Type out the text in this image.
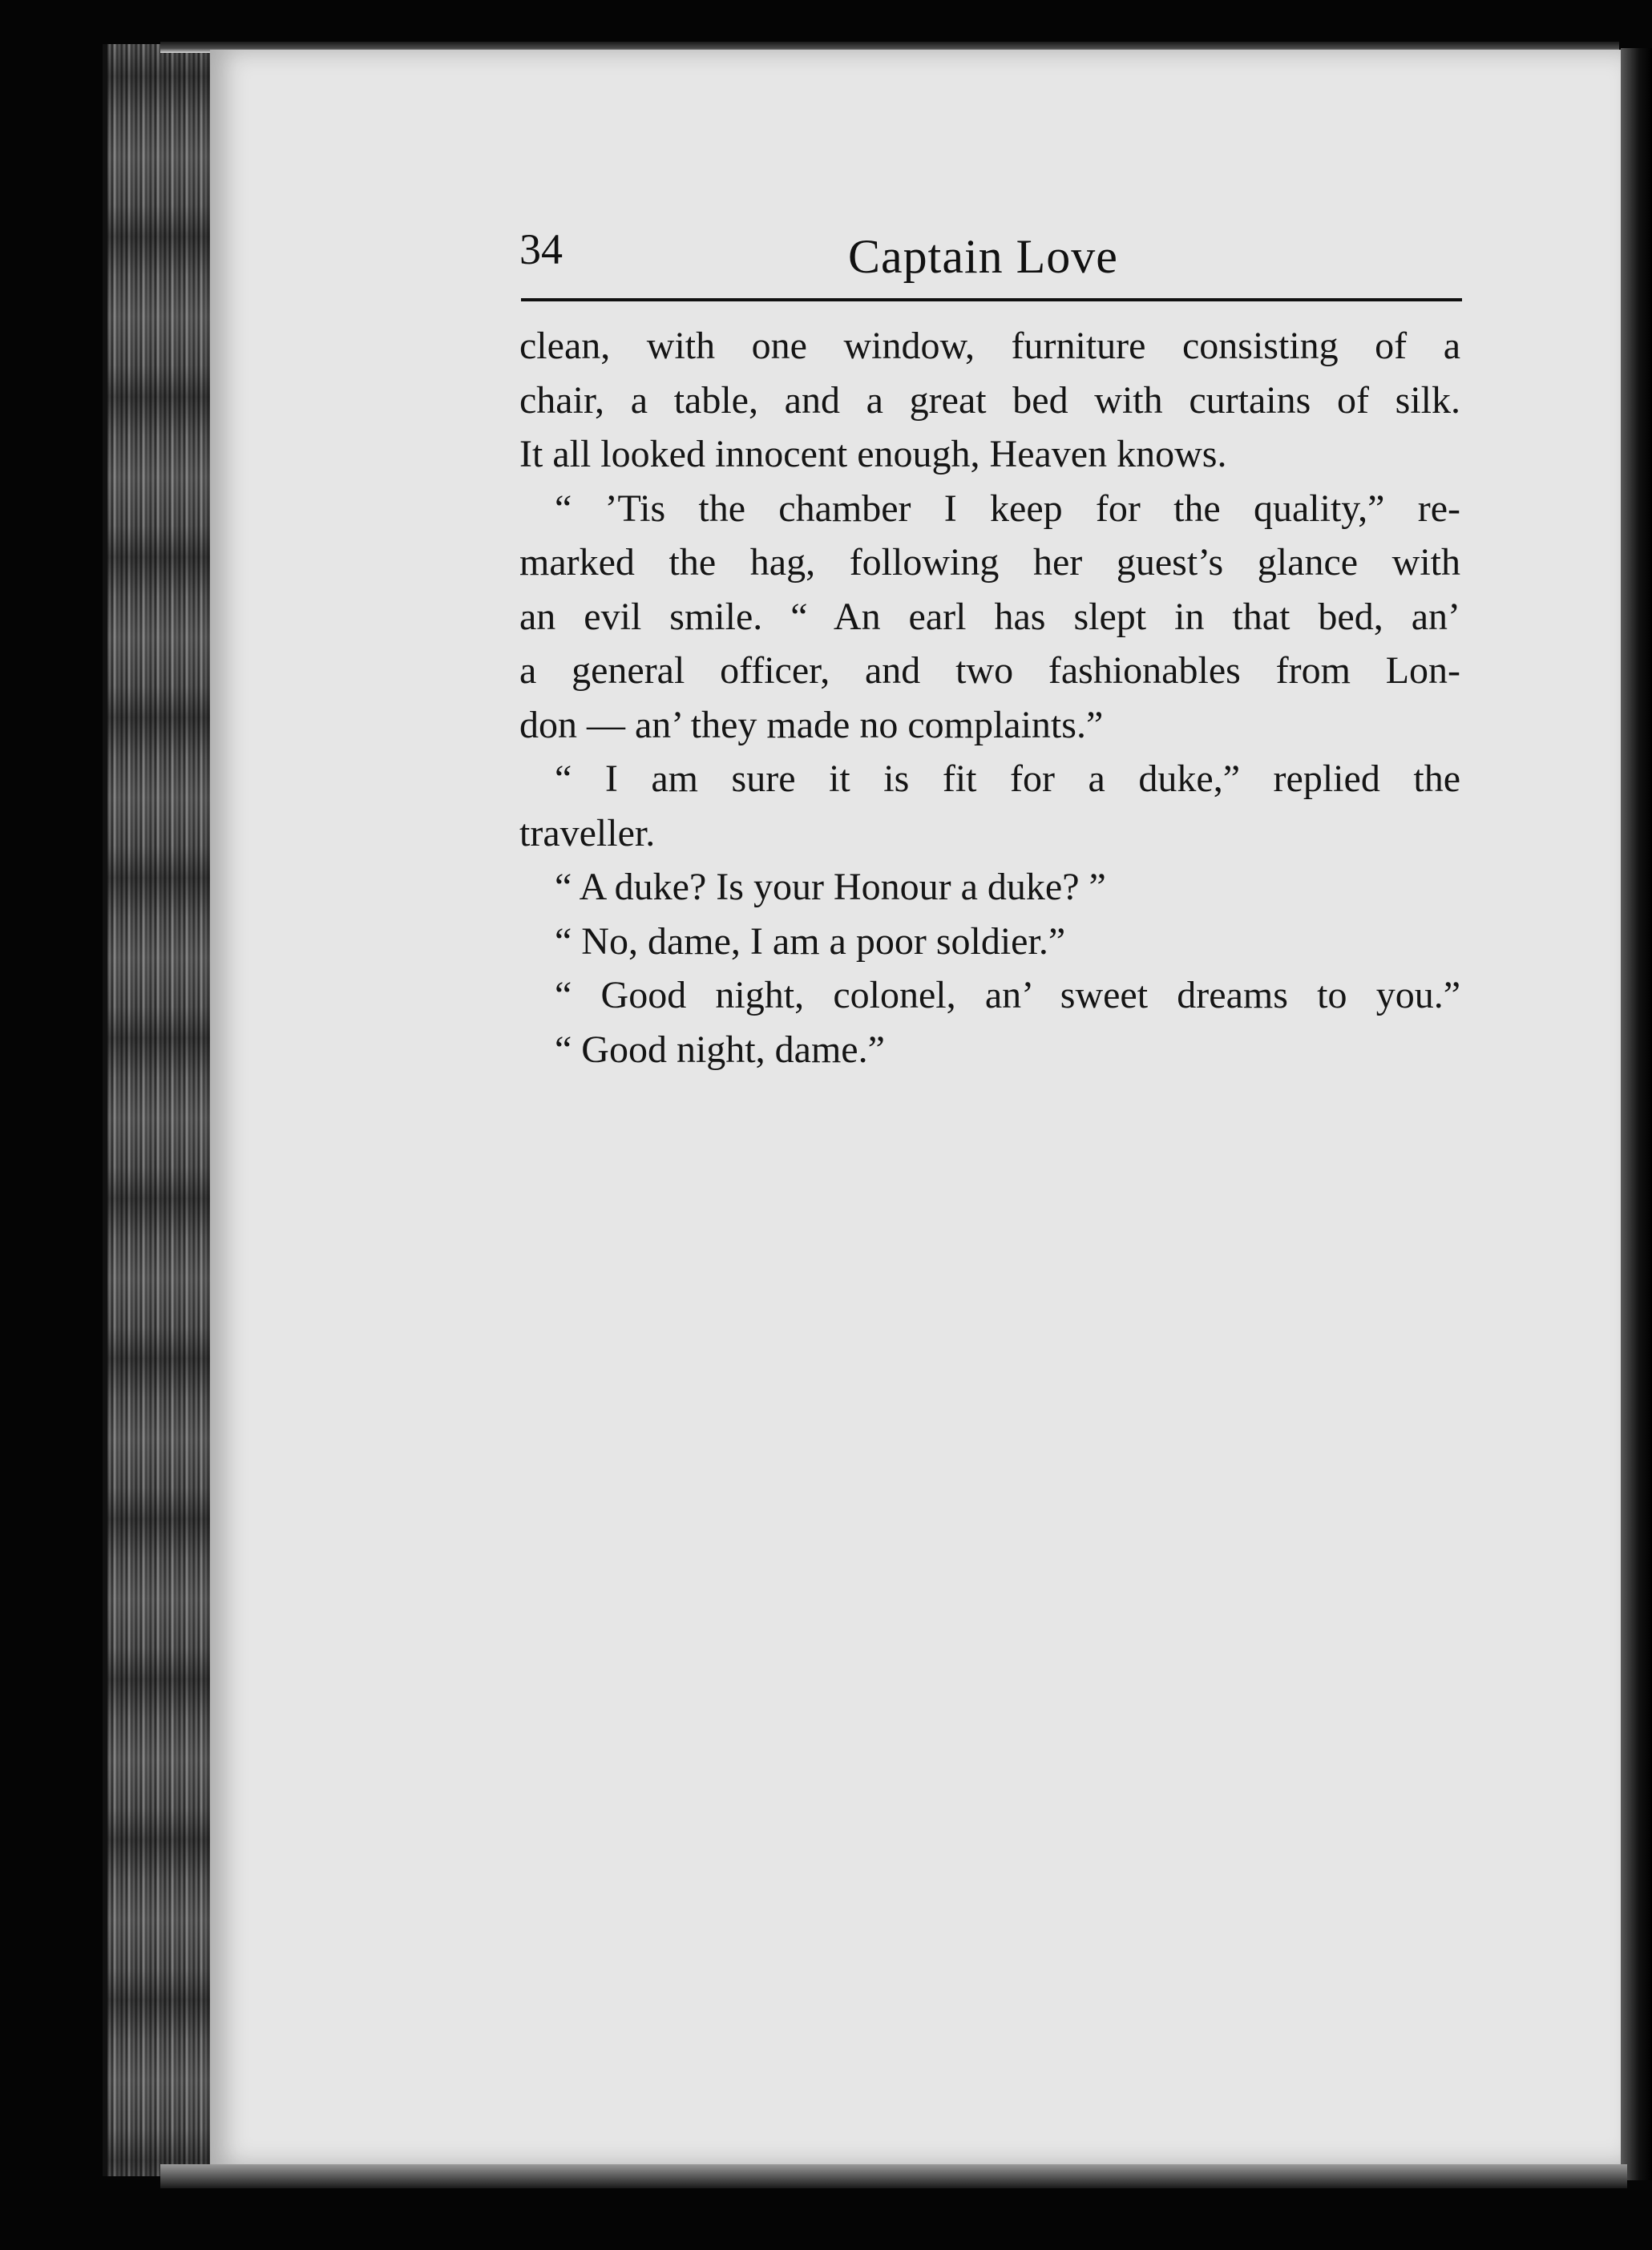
34	Captain Love
clean, with one window, furniture consisting of a
chair, a table, and a great bed with curtains of silk.
It all looked innocent enough, Heaven knows.
“ ’Tis the chamber I keep for the quality,” re-
marked the hag, following her guest’s glance with
an evil smile. “ An earl has slept in that bed, an’
a general officer, and two fashionables from Lon-
don — an’ they made no complaints.”
“ I am sure it is fit for a duke,” replied the
traveller.
“ A duke? Is your Honour a duke? ”
“ No, dame, I am a poor soldier.”
“ Good night, colonel, an’ sweet dreams to you.”
“ Good night, dame.”
